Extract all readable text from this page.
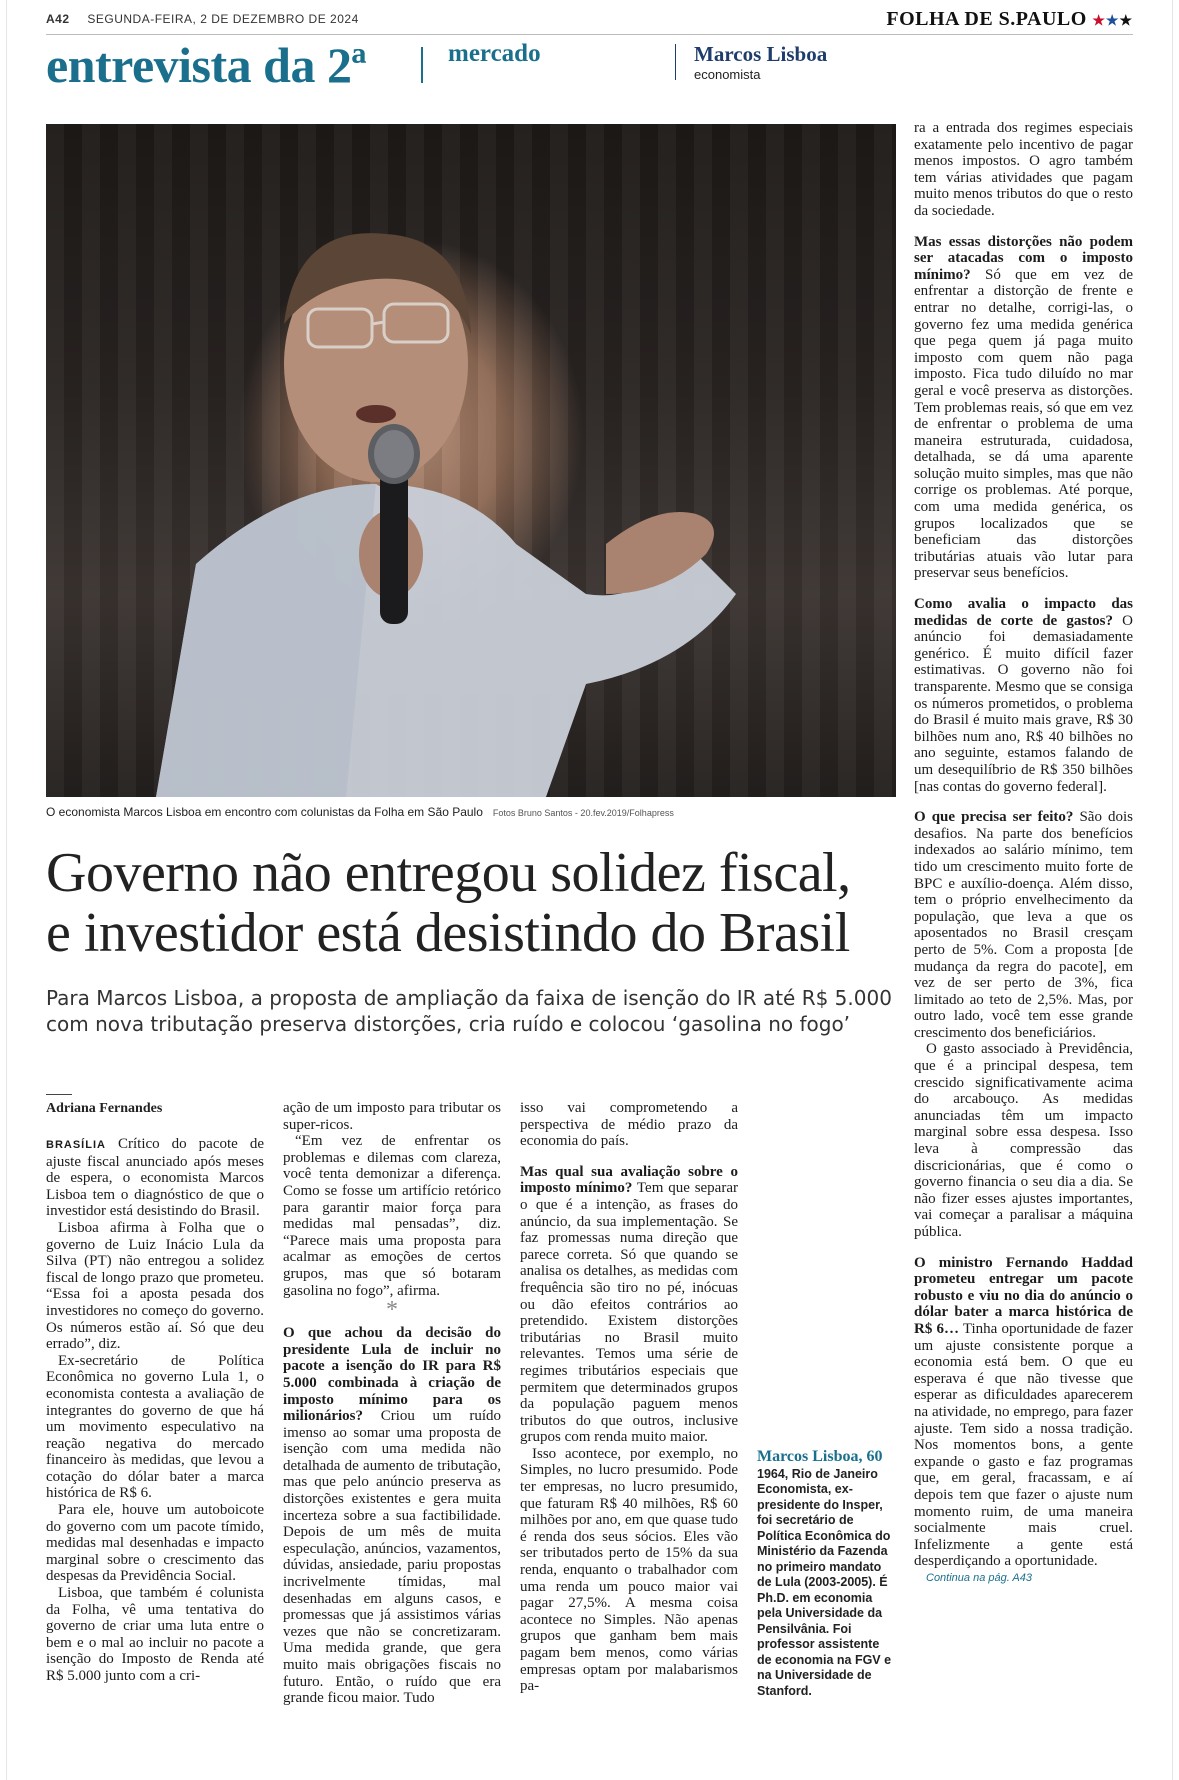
A42 SEGUNDA-FEIRA, 2 DE DEZEMBRO DE 2024	FOLHA DE S.PAULO ★★★
entrevista da 2ª	mercado	Marcos Lisboa
economista
O economista Marcos Lisboa em encontro com colunistas da Folha em São Paulo Fotos Bruno Santos - 20.fev.2019/Folhapress
Governo não entregou solidez fiscal,
e investidor está desistindo do Brasil
Para Marcos Lisboa, a proposta de ampliação da faixa de isenção do IR até R$ 5.000
com nova tributação preserva distorções, cria ruído e colocou ‘gasolina no fogo’
Adriana Fernandes

BRASÍLIA Crítico do pacote de ajuste fiscal anunciado após meses de espera, o economista Marcos Lisboa tem o diagnóstico de que o investidor está desistindo do Brasil.

Lisboa afirma à Folha que o governo de Luiz Inácio Lula da Silva (PT) não entregou a solidez fiscal de longo prazo que prometeu. “Essa foi a aposta pesada dos investidores no começo do governo. Os números estão aí. Só que deu errado”, diz.

Ex-secretário de Política Econômica no governo Lula 1, o economista contesta a avaliação de integrantes do governo de que há um movimento especulativo na reação negativa do mercado financeiro às medidas, que levou a cotação do dólar bater a marca histórica de R$ 6.

Para ele, houve um autoboicote do governo com um pacote tímido, medidas mal desenhadas e impacto marginal sobre o crescimento das despesas da Previdência Social.

Lisboa, que também é colunista da Folha, vê uma tentativa do governo de criar uma luta entre o bem e o mal ao incluir no pacote a isenção do Imposto de Renda até R$ 5.000 junto com a cri-

ação de um imposto para tributar os super-ricos.

“Em vez de enfrentar os problemas e dilemas com clareza, você tenta demonizar a diferença. Como se fosse um artifício retórico para garantir maior força para medidas mal pensadas”, diz. “Parece mais uma proposta para acalmar as emoções de certos grupos, mas que só botaram gasolina no fogo”, afirma.

*

O que achou da decisão do presidente Lula de incluir no pacote a isenção do IR para R$ 5.000 combinada à criação de imposto mínimo para os milionários? Criou um ruído imenso ao somar uma proposta de isenção com uma medida não detalhada de aumento de tributação, mas que pelo anúncio preserva as distorções existentes e gera muita incerteza sobre a sua factibilidade. Depois de um mês de muita especulação, anúncios, vazamentos, dúvidas, ansiedade, pariu propostas incrivelmente tímidas, mal desenhadas em alguns casos, e promessas que já assistimos várias vezes que não se concretizaram. Uma medida grande, que gera muito mais obrigações fiscais no futuro. Então, o ruído que era grande ficou maior. Tudo

isso vai comprometendo a perspectiva de médio prazo da economia do país.

Mas qual sua avaliação sobre o imposto mínimo? Tem que separar o que é a intenção, as frases do anúncio, da sua implementação. Se faz promessas numa direção que parece correta. Só que quando se analisa os detalhes, as medidas com frequência são tiro no pé, inócuas ou dão efeitos contrários ao pretendido. Existem distorções tributárias no Brasil muito relevantes. Temos uma série de regimes tributários especiais que permitem que determinados grupos da população paguem menos tributos do que outros, inclusive grupos com renda muito maior.

Isso acontece, por exemplo, no Simples, no lucro presumido. Pode ter empresas, no lucro presumido, que faturam R$ 40 milhões, R$ 60 milhões por ano, em que quase tudo é renda dos seus sócios. Eles vão ser tributados perto de 15% da sua renda, enquanto o trabalhador com uma renda um pouco maior vai pagar 27,5%. A mesma coisa acontece no Simples. Não apenas grupos que ganham bem mais pagam bem menos, como várias empresas optam por malabarismos pa-

Marcos Lisboa, 60
1964, Rio de Janeiro Economista, ex-presidente do Insper, foi secretário de Política Econômica do Ministério da Fazenda no primeiro mandato de Lula (2003-2005). É Ph.D. em economia pela Universidade da Pensilvânia. Foi professor assistente de economia na FGV e na Universidade de Stanford.

ra a entrada dos regimes especiais exatamente pelo incentivo de pagar menos impostos. O agro também tem várias atividades que pagam muito menos tributos do que o resto da sociedade.

Mas essas distorções não podem ser atacadas com o imposto mínimo? Só que em vez de enfrentar a distorção de frente e entrar no detalhe, corrigi-las, o governo fez uma medida genérica que pega quem já paga muito imposto com quem não paga imposto. Fica tudo diluído no mar geral e você preserva as distorções. Tem problemas reais, só que em vez de enfrentar o problema de uma maneira estruturada, cuidadosa, detalhada, se dá uma aparente solução muito simples, mas que não corrige os problemas. Até porque, com uma medida genérica, os grupos localizados que se beneficiam das distorções tributárias atuais vão lutar para preservar seus benefícios.

Como avalia o impacto das medidas de corte de gastos? O anúncio foi demasiadamente genérico. É muito difícil fazer estimativas. O governo não foi transparente. Mesmo que se consiga os números prometidos, o problema do Brasil é muito mais grave, R$ 30 bilhões num ano, R$ 40 bilhões no ano seguinte, estamos falando de um desequilíbrio de R$ 350 bilhões [nas contas do governo federal].

O que precisa ser feito? São dois desafios. Na parte dos benefícios indexados ao salário mínimo, tem tido um crescimento muito forte de BPC e auxílio-doença. Além disso, tem o próprio envelhecimento da população, que leva a que os aposentados no Brasil cresçam perto de 5%. Com a proposta [de mudança da regra do pacote], em vez de ser perto de 3%, fica limitado ao teto de 2,5%. Mas, por outro lado, você tem esse grande crescimento dos beneficiários.

O gasto associado à Previdência, que é a principal despesa, tem crescido significativamente acima do arcabouço. As medidas anunciadas têm um impacto marginal sobre essa despesa. Isso leva à compressão das discricionárias, que é como o governo financia o seu dia a dia. Se não fizer esses ajustes importantes, vai começar a paralisar a máquina pública.

O ministro Fernando Haddad prometeu entregar um pacote robusto e viu no dia do anúncio o dólar bater a marca histórica de R$ 6… Tinha oportunidade de fazer um ajuste consistente porque a economia está bem. O que eu esperava é que não tivesse que esperar as dificuldades aparecerem na atividade, no emprego, para fazer ajuste. Tem sido a nossa tradição. Nos momentos bons, a gente expande o gasto e faz programas que, em geral, fracassam, e aí depois tem que fazer o ajuste num momento ruim, de uma maneira socialmente mais cruel. Infelizmente a gente está desperdiçando a oportunidade.

Continua na pág. A43
